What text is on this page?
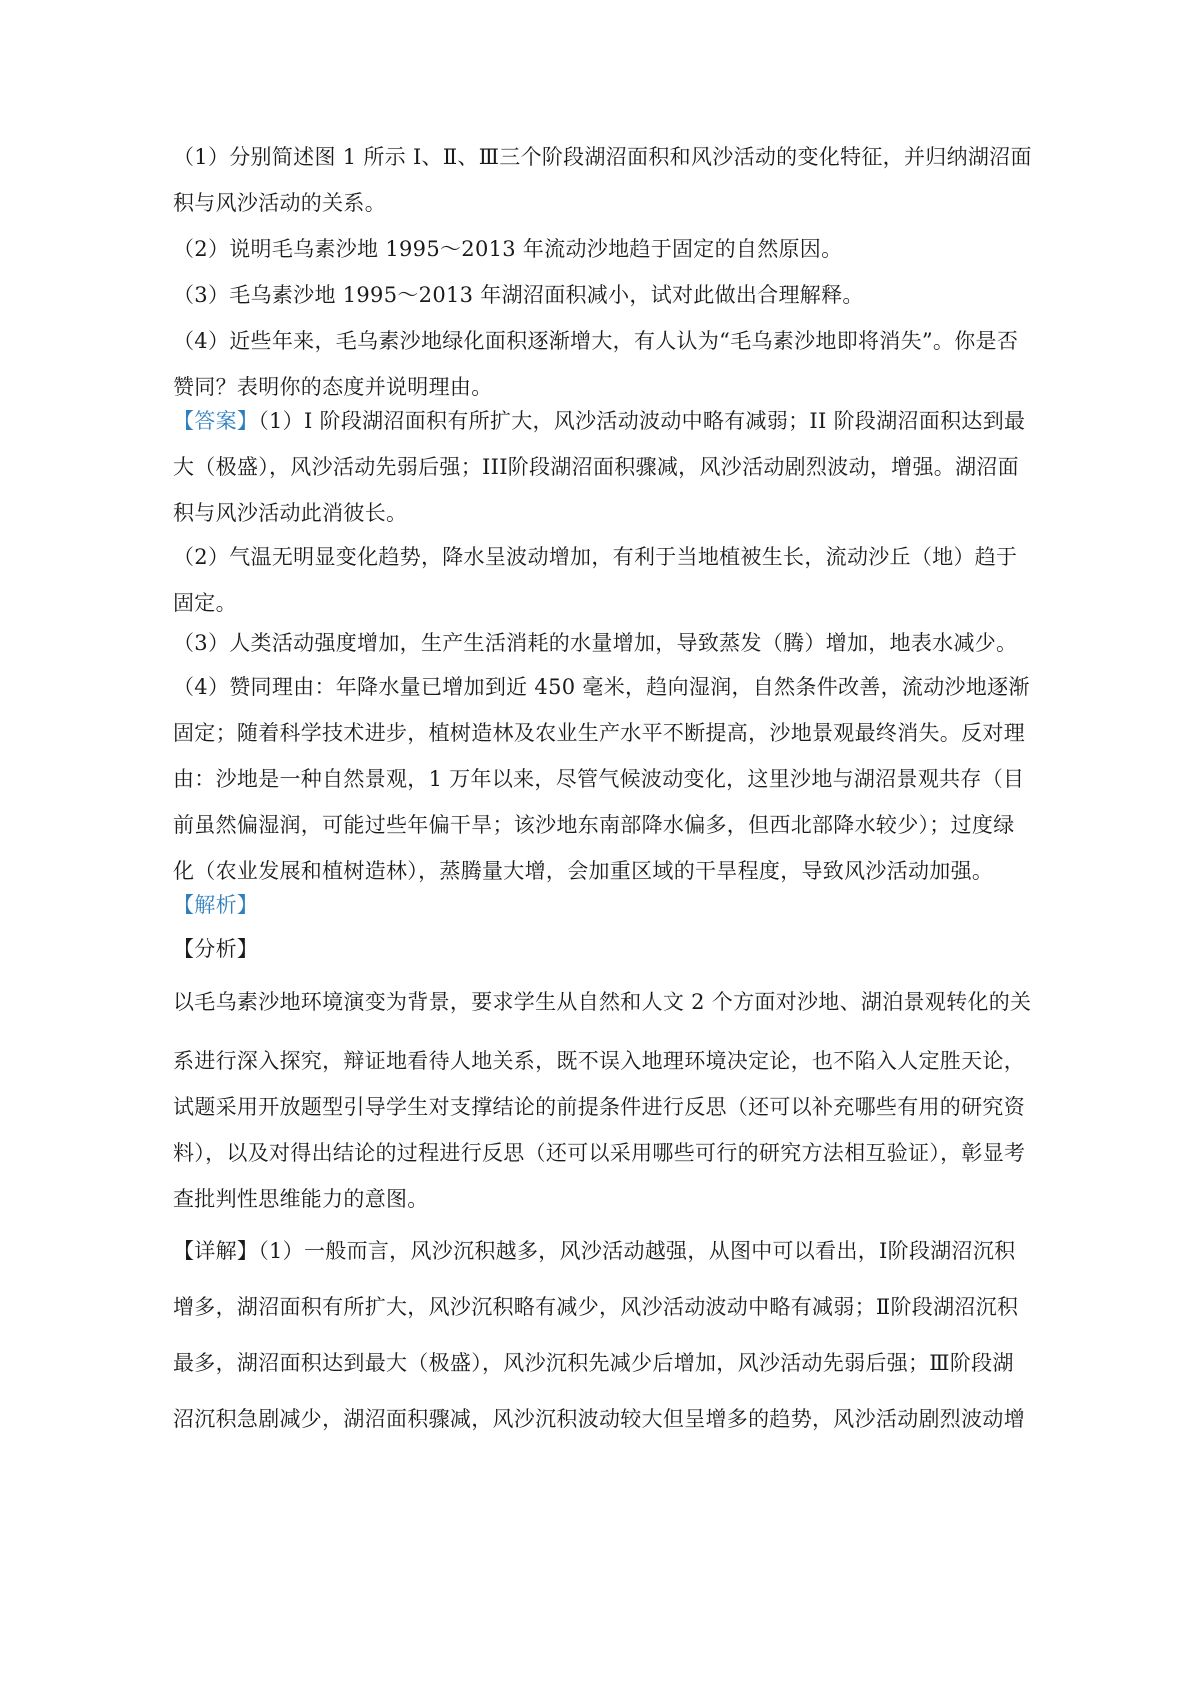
（1）分别简述图 1 所示 Ⅰ、Ⅱ、Ⅲ三个阶段湖沼面积和风沙活动的变化特征，并归纳湖沼面
积与风沙活动的关系。
（2）说明毛乌素沙地 1995～2013 年流动沙地趋于固定的自然原因。
（3）毛乌素沙地 1995～2013 年湖沼面积减小，试对此做出合理解释。
（4）近些年来，毛乌素沙地绿化面积逐渐增大，有人认为“毛乌素沙地即将消失”。你是否
赞同？表明你的态度并说明理由。
【答案】（1）I 阶段湖沼面积有所扩大，风沙活动波动中略有减弱；II 阶段湖沼面积达到最
大（极盛），风沙活动先弱后强；III阶段湖沼面积骤减，风沙活动剧烈波动，增强。湖沼面
积与风沙活动此消彼长。
（2）气温无明显变化趋势，降水呈波动增加，有利于当地植被生长，流动沙丘（地）趋于
固定。
（3）人类活动强度增加，生产生活消耗的水量增加，导致蒸发（腾）增加，地表水减少。
（4）赞同理由：年降水量已增加到近 450 毫米，趋向湿润，自然条件改善，流动沙地逐渐
固定；随着科学技术进步，植树造林及农业生产水平不断提高，沙地景观最终消失。反对理
由：沙地是一种自然景观，1 万年以来，尽管气候波动变化，这里沙地与湖沼景观共存（目
前虽然偏湿润，可能过些年偏干旱；该沙地东南部降水偏多，但西北部降水较少）；过度绿
化（农业发展和植树造林），蒸腾量大增，会加重区域的干旱程度，导致风沙活动加强。
【解析】
【分析】
以毛乌素沙地环境演变为背景，要求学生从自然和人文 2 个方面对沙地、湖泊景观转化的关
系进行深入探究，辩证地看待人地关系，既不误入地理环境决定论，也不陷入人定胜天论，
试题采用开放题型引导学生对支撑结论的前提条件进行反思（还可以补充哪些有用的研究资
料），以及对得出结论的过程进行反思（还可以采用哪些可行的研究方法相互验证），彰显考
查批判性思维能力的意图。
【详解】（1）一般而言，风沙沉积越多，风沙活动越强，从图中可以看出，Ⅰ阶段湖沼沉积
增多，湖沼面积有所扩大，风沙沉积略有减少，风沙活动波动中略有减弱；Ⅱ阶段湖沼沉积
最多，湖沼面积达到最大（极盛），风沙沉积先减少后增加，风沙活动先弱后强；Ⅲ阶段湖
沼沉积急剧减少，湖沼面积骤减，风沙沉积波动较大但呈增多的趋势，风沙活动剧烈波动增
